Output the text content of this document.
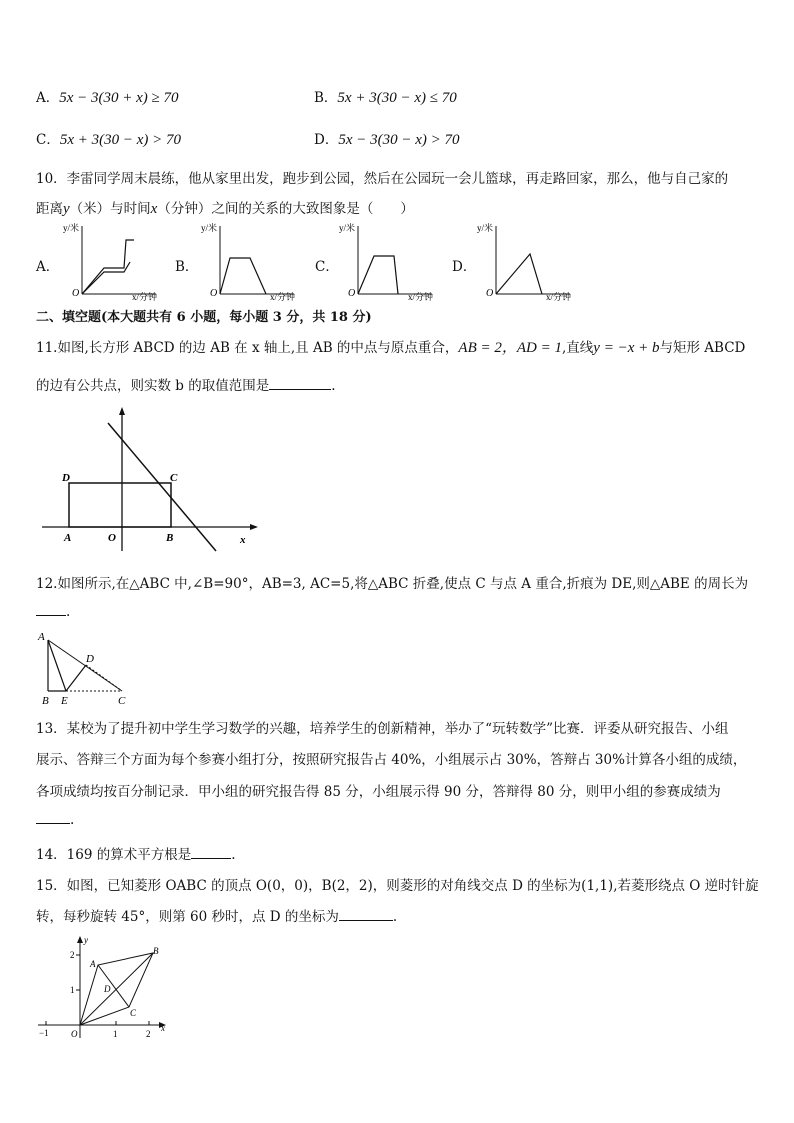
A．5x − 3(30 + x) ≥ 70	B．5x + 3(30 − x) ≤ 70
C．5x + 3(30 − x) > 70	D．5x − 3(30 − x) > 70
10．李雷同学周末晨练，他从家里出发，跑步到公园，然后在公园玩一会儿篮球，再走路回家，那么，他与自己家的
距离y（米）与时间x（分钟）之间的关系的大致图象是（　　）
A．
y/米
x/分钟
O
B．
y/米
x/分钟
O
C．
y/米
x/分钟
O
D．
y/米
x/分钟
O
二、填空题(本大题共有 6 小题，每小题 3 分，共 18 分)
11.如图,长方形 ABCD 的边 AB 在 x 轴上,且 AB 的中点与原点重合，AB = 2，AD = 1,直线y = −x + b与矩形 ABCD
的边有公共点，则实数 b 的取值范围是	.
D	C
A	O	B	x
12.如图所示,在△ABC 中,∠B=90°，AB=3, AC=5,将△ABC 折叠,使点 C 与点 A 重合,折痕为 DE,则△ABE 的周长为
.
A
D
B E	C
13．某校为了提升初中学生学习数学的兴趣，培养学生的创新精神，举办了“玩转数学”比赛．评委从研究报告、小组
展示、答辩三个方面为每个参赛小组打分，按照研究报告占 40%，小组展示占 30%，答辩占 30%计算各小组的成绩，
各项成绩均按百分制记录．甲小组的研究报告得 85 分，小组展示得 90 分，答辩得 80 分，则甲小组的参赛成绩为
.
14．169 的算术平方根是	.
15．如图，已知菱形 OABC 的顶点 O(0，0)，B(2，2)，则菱形的对角线交点 D 的坐标为(1,1),若菱形绕点 O 逆时针旋
转，每秒旋转 45°，则第 60 秒时，点 D 的坐标为	.
y
x
2
1
−1 O	1	2
A
B
C
D
